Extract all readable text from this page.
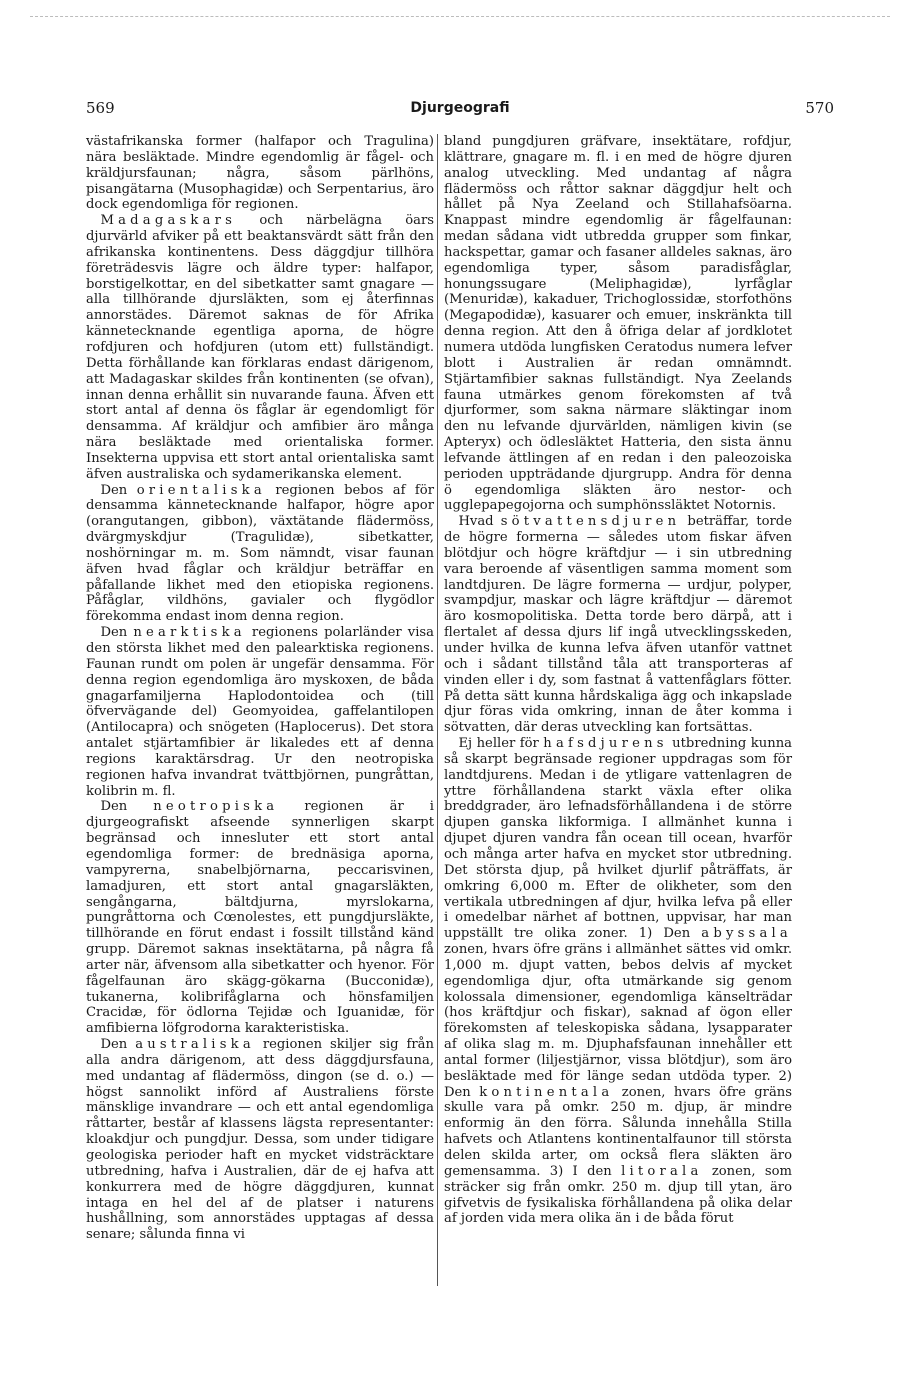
569	Djurgeografi	570

västafrikanska former (halfapor och Tragulina) nära besläktade. Mindre egendomlig är fågel- och kräldjursfaunan; några, såsom pärlhöns, pisangätarna (Musophagidæ) och Serpentarius, äro dock egendomliga för regionen.

Madagaskars och närbelägna öars djurvärld afviker på ett beaktansvärdt sätt från den afrikanska kontinentens. Dess däggdjur tillhöra företrädesvis lägre och äldre typer: halfapor, borstigelkottar, en del sibetkatter samt gnagare — alla tillhörande djursläkten, som ej återfinnas annorstädes. Däremot saknas de för Afrika kännetecknande egentliga aporna, de högre rofdjuren och hofdjuren (utom ett) fullständigt. Detta förhållande kan förklaras endast därigenom, att Madagaskar skildes från kontinenten (se ofvan), innan denna erhållit sin nuvarande fauna. Äfven ett stort antal af denna ös fåglar är egendomligt för densamma. Af kräldjur och amfibier äro många nära besläktade med orientaliska former. Insekterna uppvisa ett stort antal orientaliska samt äfven australiska och sydamerikanska element.

Den orientaliska regionen bebos af för densamma kännetecknande halfapor, högre apor (orangutangen, gibbon), växtätande flädermöss, dvärgmyskdjur (Tragulidæ), sibetkatter, noshörningar m. m. Som nämndt, visar faunan äfven hvad fåglar och kräldjur beträffar en påfallande likhet med den etiopiska regionens. Påfåglar, vildhöns, gavialer och flygödlor förekomma endast inom denna region.

Den nearktiska regionens polarländer visa den största likhet med den palearktiska regionens. Faunan rundt om polen är ungefär densamma. För denna region egendomliga äro myskoxen, de båda gnagarfamiljerna Haplodontoidea och (till öfvervägande del) Geomyoidea, gaffelantilopen (Antilocapra) och snögeten (Haplocerus). Det stora antalet stjärtamfibier är likaledes ett af denna regions karaktärsdrag. Ur den neotropiska regionen hafva invandrat tvättbjörnen, pungråttan, kolibrin m. fl.

Den neotropiska regionen är i djurgeografiskt afseende synnerligen skarpt begränsad och innesluter ett stort antal egendomliga former: de brednäsiga aporna, vampyrerna, snabelbjörnarna, peccarisvinen, lamadjuren, ett stort antal gnagarsläkten, sengångarna, bältdjurna, myrslokarna, pungråttorna och Cœnolestes, ett pungdjursläkte, tillhörande en förut endast i fossilt tillstånd känd grupp. Däremot saknas insektätarna, på några få arter när, äfvensom alla sibetkatter och hyenor. För fågelfaunan äro skägg-gökarna (Bucconidæ), tukanerna, kolibrifåglarna och hönsfamiljen Cracidæ, för ödlorna Tejidæ och Iguanidæ, för amfibierna löfgrodorna karakteristiska.

Den australiska regionen skiljer sig från alla andra därigenom, att dess däggdjursfauna, med undantag af flädermöss, dingon (se d. o.) — högst sannolikt införd af Australiens förste mänsklige invandrare — och ett antal egendomliga råttarter, består af klassens lägsta representanter: kloakdjur och pungdjur. Dessa, som under tidigare geologiska perioder haft en mycket vidsträcktare utbredning, hafva i Australien, där de ej hafva att konkurrera med de högre däggdjuren, kunnat intaga en hel del af de platser i naturens hushållning, som annorstädes upptagas af dessa senare; sålunda finna vi

bland pungdjuren gräfvare, insektätare, rofdjur, klättrare, gnagare m. fl. i en med de högre djuren analog utveckling. Med undantag af några flädermöss och råttor saknar däggdjur helt och hållet på Nya Zeeland och Stillahafsöarna. Knappast mindre egendomlig är fågelfaunan: medan sådana vidt utbredda grupper som finkar, hackspettar, gamar och fasaner alldeles saknas, äro egendomliga typer, såsom paradisfåglar, honungssugare (Meliphagidæ), lyrfåglar (Menuridæ), kakaduer, Trichoglossidæ, storfothöns (Megapodidæ), kasuarer och emuer, inskränkta till denna region. Att den å öfriga delar af jordklotet numera utdöda lungfisken Ceratodus numera lefver blott i Australien är redan omnämndt. Stjärtamfibier saknas fullständigt. Nya Zeelands fauna utmärkes genom förekomsten af två djurformer, som sakna närmare släktingar inom den nu lefvande djurvärlden, nämligen kivin (se Apteryx) och ödlesläktet Hatteria, den sista ännu lefvande ättlingen af en redan i den paleozoiska perioden uppträdande djurgrupp. Andra för denna ö egendomliga släkten äro nestor- och ugglepapegojorna och sumphönssläktet Notornis.

Hvad sötvattensdjuren beträffar, torde de högre formerna — således utom fiskar äfven blötdjur och högre kräftdjur — i sin utbredning vara beroende af väsentligen samma moment som landtdjuren. De lägre formerna — urdjur, polyper, svampdjur, maskar och lägre kräftdjur — däremot äro kosmopolitiska. Detta torde bero därpå, att i flertalet af dessa djurs lif ingå utvecklingsskeden, under hvilka de kunna lefva äfven utanför vattnet och i sådant tillstånd tåla att transporteras af vinden eller i dy, som fastnat å vattenfåglars fötter. På detta sätt kunna hårdskaliga ägg och inkapslade djur föras vida omkring, innan de åter komma i sötvatten, där deras utveckling kan fortsättas.

Ej heller för hafsdjurens utbredning kunna så skarpt begränsade regioner uppdragas som för landtdjurens. Medan i de ytligare vattenlagren de yttre förhållandena starkt växla efter olika breddgrader, äro lefnadsförhållandena i de större djupen ganska likformiga. I allmänhet kunna i djupet djuren vandra fån ocean till ocean, hvarför och många arter hafva en mycket stor utbredning. Det största djup, på hvilket djurlif påträffats, är omkring 6,000 m. Efter de olikheter, som den vertikala utbredningen af djur, hvilka lefva på eller i omedelbar närhet af bottnen, uppvisar, har man uppställt tre olika zoner. 1) Den abyssala zonen, hvars öfre gräns i allmänhet sättes vid omkr. 1,000 m. djupt vatten, bebos delvis af mycket egendomliga djur, ofta utmärkande sig genom kolossala dimensioner, egendomliga känselträdar (hos kräftdjur och fiskar), saknad af ögon eller förekomsten af teleskopiska sådana, lysapparater af olika slag m. m. Djuphafsfaunan innehåller ett antal former (liljestjärnor, vissa blötdjur), som äro besläktade med för länge sedan utdöda typer. 2) Den kontinentala zonen, hvars öfre gräns skulle vara på omkr. 250 m. djup, är mindre enformig än den förra. Sålunda innehålla Stilla hafvets och Atlantens kontinentalfaunor till största delen skilda arter, om också flera släkten äro gemensamma. 3) I den litorala zonen, som sträcker sig från omkr. 250 m. djup till ytan, äro gifvetvis de fysikaliska förhållandena på olika delar af jorden vida mera olika än i de båda förut
